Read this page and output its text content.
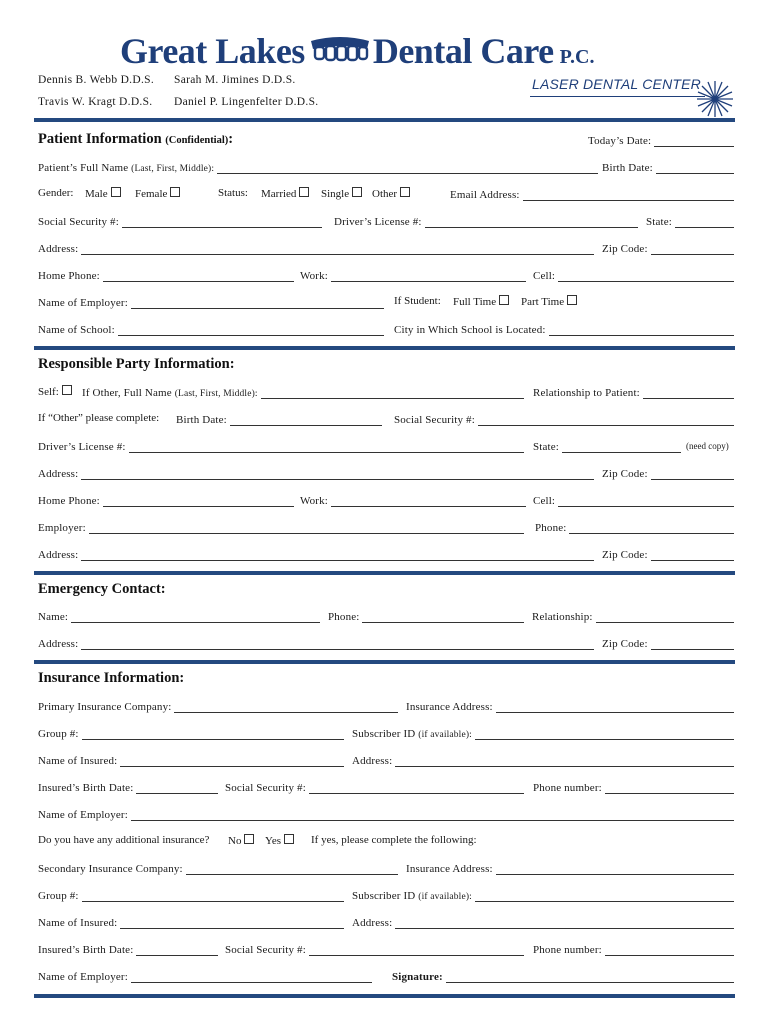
Great Lakes Dental Care P.C.
Dennis B. Webb D.D.S. Sarah M. Jimines D.D.S.
Travis W. Kragt D.D.S. Daniel P. Lingenfelter D.D.S.
LASER DENTAL CENTER
Patient Information (Confidential):	Today’s Date:
Patient’s Full Name (Last, First, Middle):	Birth Date:
Gender: Male	Female	Status: Married	Single	Other	Email Address:
Social Security #:	Driver’s License #:	State:
Address:	Zip Code:
Home Phone:	Work:	Cell:
Name of Employer:	If Student: Full Time	Part Time
Name of School:	City in Which School is Located:
Responsible Party Information:
Self:	If Other, Full Name (Last, First, Middle):	Relationship to Patient:
If “Other” please complete: Birth Date:	Social Security #:
Driver’s License #:	State:	(need copy)
Address:	Zip Code:
Home Phone:	Work:	Cell:
Employer:	Phone:
Address:	Zip Code:
Emergency Contact:
Name:	Phone:	Relationship:
Address:	Zip Code:
Insurance Information:
Primary Insurance Company:	Insurance Address:
Group #:	Subscriber ID (if available):
Name of Insured:	Address:
Insured’s Birth Date:	Social Security #:	Phone number:
Name of Employer:
Do you have any additional insurance? No	Yes	If yes, please complete the following:
Secondary Insurance Company:	Insurance Address:
Group #:	Subscriber ID (if available):
Name of Insured:	Address:
Insured’s Birth Date:	Social Security #:	Phone number:
Name of Employer:	Signature:
